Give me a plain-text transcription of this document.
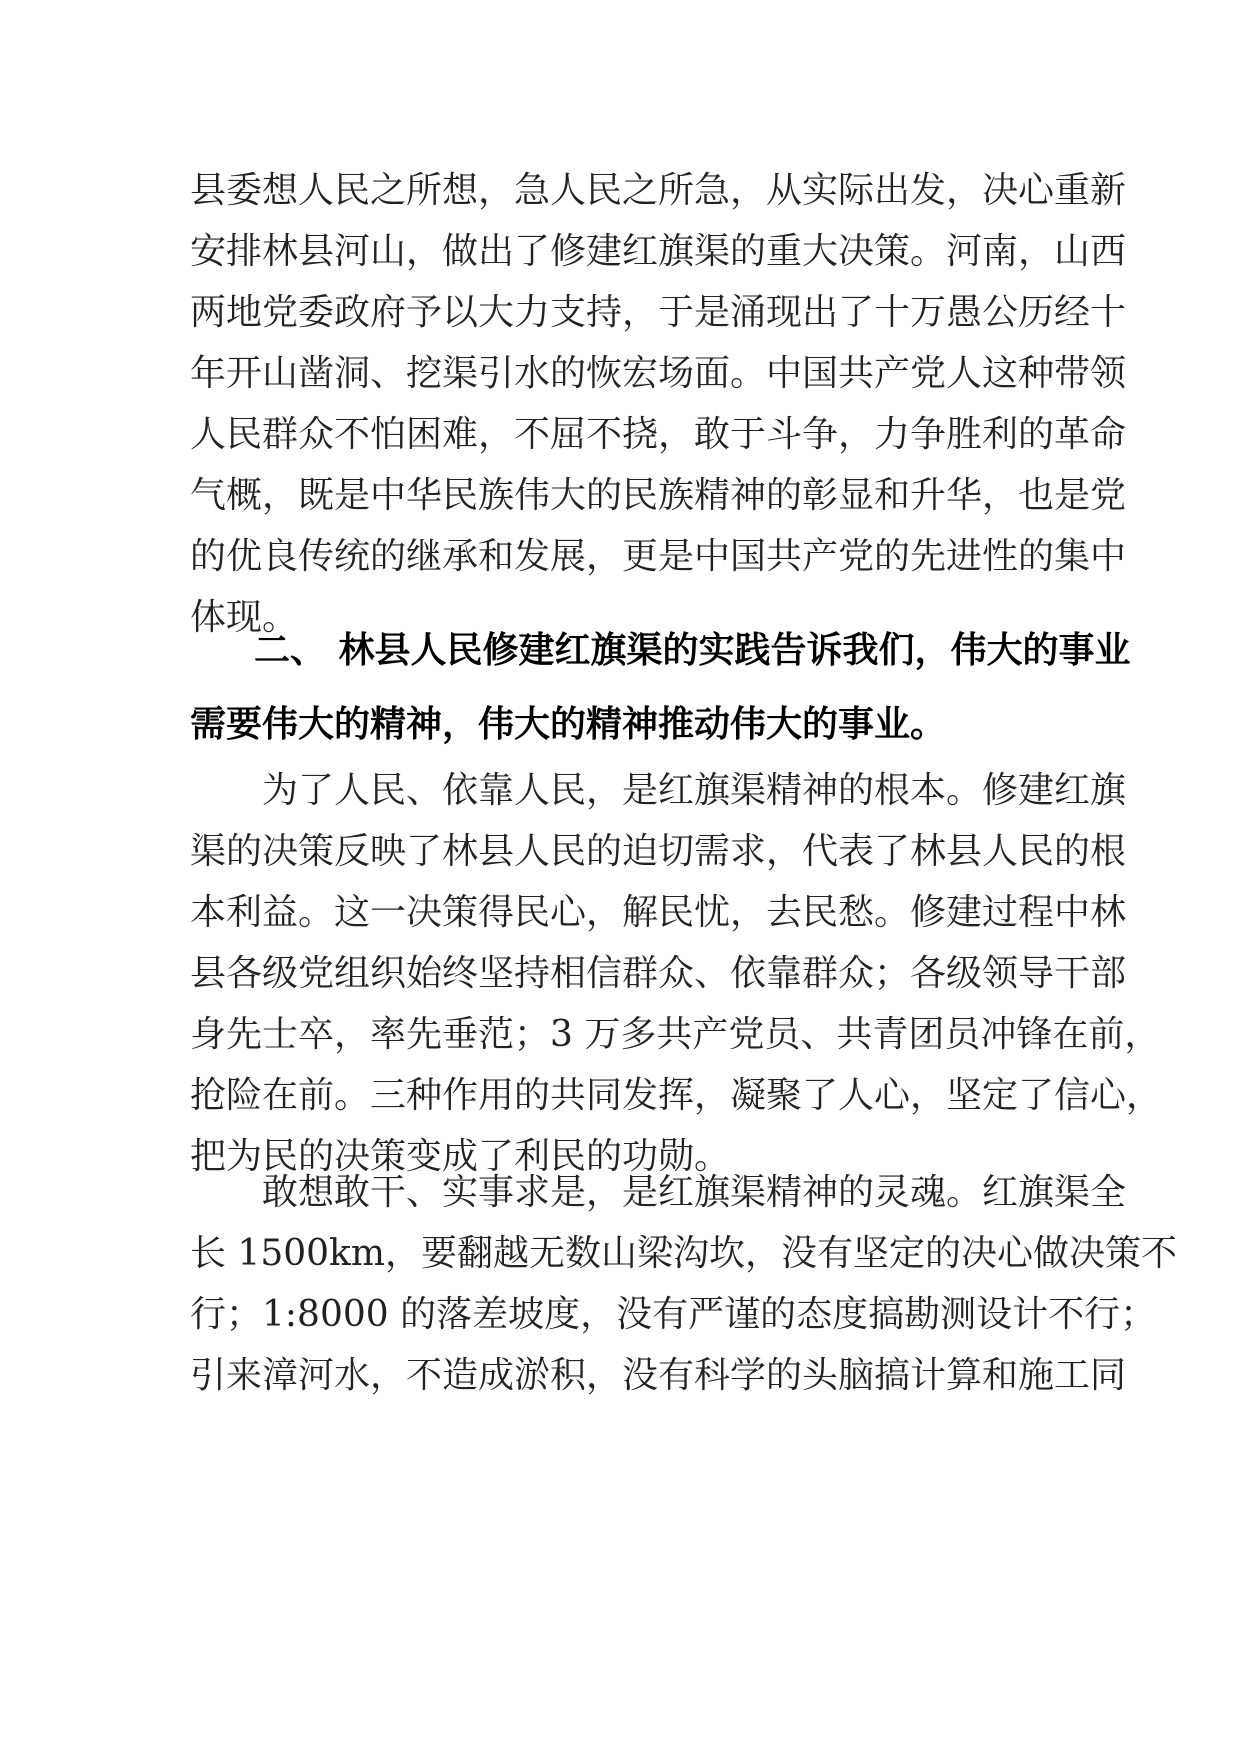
县委想人民之所想，急人民之所急，从实际出发，决心重新
安排林县河山，做出了修建红旗渠的重大决策。河南，山西
两地党委政府予以大力支持，于是涌现出了十万愚公历经十
年开山凿洞、挖渠引水的恢宏场面。中国共产党人这种带领
人民群众不怕困难，不屈不挠，敢于斗争，力争胜利的革命
气概，既是中华民族伟大的民族精神的彰显和升华，也是党
的优良传统的继承和发展，更是中国共产党的先进性的集中
体现。
二、 林县人民修建红旗渠的实践告诉我们，伟大的事业
需要伟大的精神，伟大的精神推动伟大的事业。
为了人民、依靠人民，是红旗渠精神的根本。修建红旗
渠的决策反映了林县人民的迫切需求，代表了林县人民的根
本利益。这一决策得民心，解民忧，去民愁。修建过程中林
县各级党组织始终坚持相信群众、依靠群众；各级领导干部
身先士卒，率先垂范；3 万多共产党员、共青团员冲锋在前，
抢险在前。三种作用的共同发挥，凝聚了人心，坚定了信心，
把为民的决策变成了利民的功勋。
敢想敢干、实事求是，是红旗渠精神的灵魂。红旗渠全
长 1500km，要翻越无数山梁沟坎，没有坚定的决心做决策不
行；1:8000 的落差坡度，没有严谨的态度搞勘测设计不行；
引来漳河水，不造成淤积，没有科学的头脑搞计算和施工同
